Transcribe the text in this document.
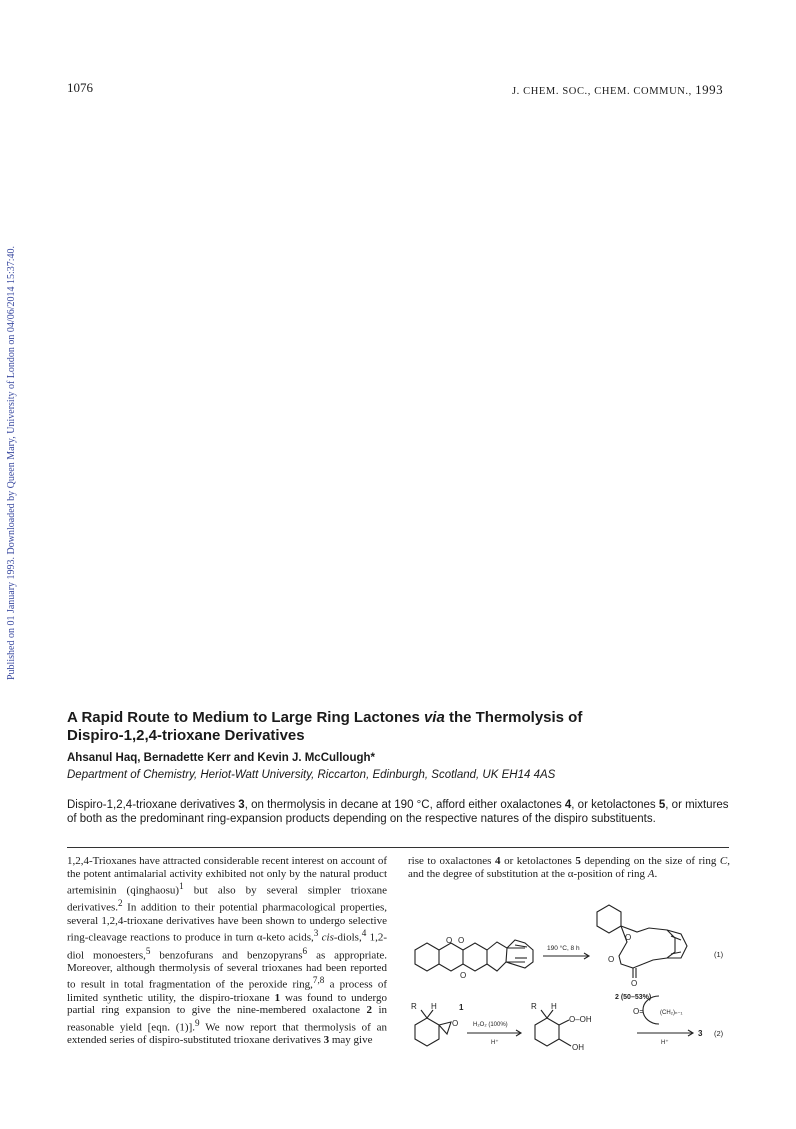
1076	J. CHEM. SOC., CHEM. COMMUN., 1993
Published on 01 January 1993. Downloaded by Queen Mary, University of London on 04/06/2014 15:37:40.
A Rapid Route to Medium to Large Ring Lactones via the Thermolysis of
Dispiro-1,2,4-trioxane Derivatives
Ahsanul Haq, Bernadette Kerr and Kevin J. McCullough*
Department of Chemistry, Heriot-Watt University, Riccarton, Edinburgh, Scotland, UK EH14 4AS
Dispiro-1,2,4-trioxane derivatives 3, on thermolysis in decane at 190 °C, afford either oxalactones 4, or ketolactones 5, or mixtures of both as the predominant ring-expansion products depending on the respective natures of the dispiro substituents.

1,2,4-Trioxanes have attracted considerable recent interest on account of the potent antimalarial activity exhibited not only by the natural product artemisinin (qinghaosu)$^1$ but also by several simpler trioxane derivatives.$^2$ In addition to their potential pharmacological properties, several 1,2,4-trioxane derivatives have been shown to undergo selective ring-cleavage reactions to produce in turn α-keto acids,$^3$ cis-diols,$^4$ 1,2-diol monoesters,$^5$ benzofurans and benzopyrans$^6$ as appropriate. Moreover, although thermolysis of several trioxanes had been reported to result in total fragmentation of the peroxide ring,$^{7,8}$ a process of limited synthetic utility, the dispiro-trioxane 1 was found to undergo partial ring expansion to give the nine-membered oxalactone 2 in reasonable yield [eqn. (1)].$^9$ We now report that thermolysis of an extended series of dispiro-substituted trioxane derivatives 3 may give

rise to oxalactones 4 or ketolactones 5 depending on the size of ring C, and the degree of substitution at the α-position of ring A.

O O
O
1
190 °C, 8 h
O
O
O
2 (50–53%)
(1)
R H
O H₂O₂ (100%)
H⁺
R H
O–OH
OH
O=	(CH₂)ₙ₋₁
H⁺
3 (2)
